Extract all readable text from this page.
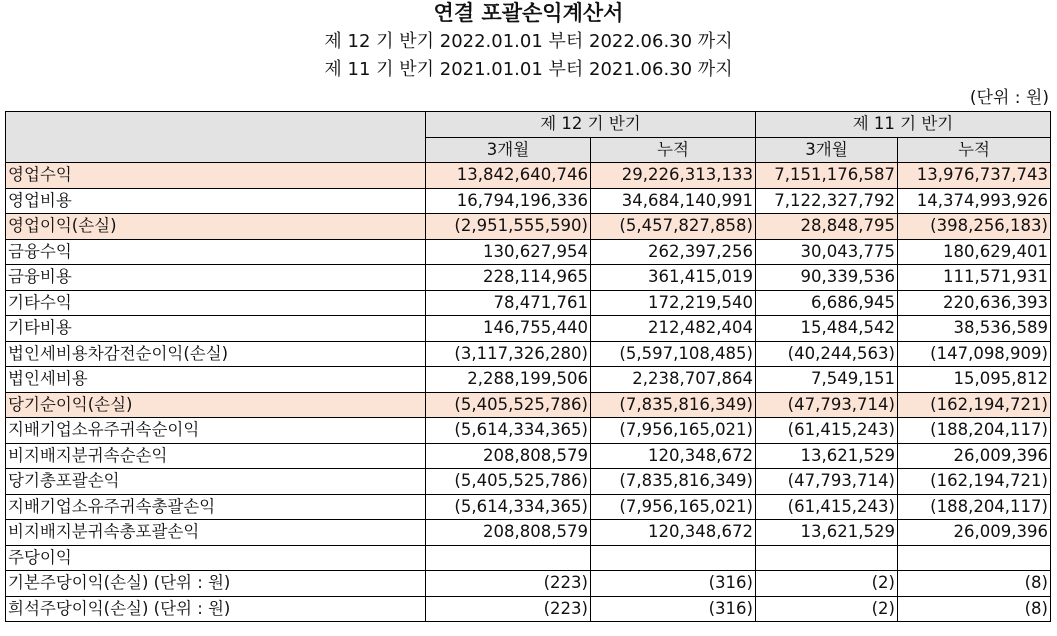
연결 포괄손익계산서
제 12 기 반기 2022.01.01 부터 2022.06.30 까지
제 11 기 반기 2021.01.01 부터 2021.06.30 까지
(단위 : 원)
	제 12 기 반기		제 11 기 반기	
	3개월	누적	3개월	누적
영업수익	13,842,640,746	29,226,313,133	7,151,176,587	13,976,737,743
영업비용	16,794,196,336	34,684,140,991	7,122,327,792	14,374,993,926
영업이익(손실)	(2,951,555,590)	(5,457,827,858)	28,848,795	(398,256,183)
금융수익	130,627,954	262,397,256	30,043,775	180,629,401
금융비용	228,114,965	361,415,019	90,339,536	111,571,931
기타수익	78,471,761	172,219,540	6,686,945	220,636,393
기타비용	146,755,440	212,482,404	15,484,542	38,536,589
법인세비용차감전순이익(손실)	(3,117,326,280)	(5,597,108,485)	(40,244,563)	(147,098,909)
법인세비용	2,288,199,506	2,238,707,864	7,549,151	15,095,812
당기순이익(손실)	(5,405,525,786)	(7,835,816,349)	(47,793,714)	(162,194,721)
지배기업소유주귀속순이익	(5,614,334,365)	(7,956,165,021)	(61,415,243)	(188,204,117)
비지배지분귀속순손익	208,808,579	120,348,672	13,621,529	26,009,396
당기총포괄손익	(5,405,525,786)	(7,835,816,349)	(47,793,714)	(162,194,721)
지배기업소유주귀속총괄손익	(5,614,334,365)	(7,956,165,021)	(61,415,243)	(188,204,117)
비지배지분귀속총포괄손익	208,808,579	120,348,672	13,621,529	26,009,396
주당이익				
기본주당이익(손실) (단위 : 원)	(223)	(316)	(2)	(8)
희석주당이익(손실) (단위 : 원)	(223)	(316)	(2)	(8)
